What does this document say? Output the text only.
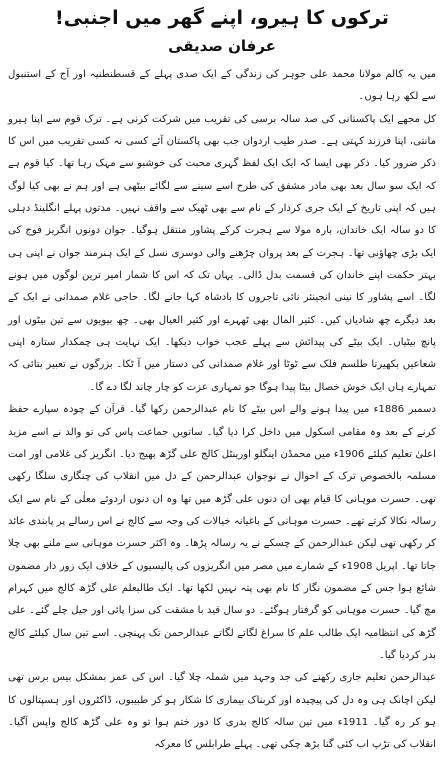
ترکوں کا ہیرو، اپنے گھر میں اجنبی!
عرفان صدیقی

میں یہ کالم مولانا محمد علی جوہر کی زندگی کے ایک صدی پہلے کے قسطنطنیہ اور آج کے استنبول سے لکھ رہا ہوں۔

کل مجھے ایک پاکستانی کی صد سالہ برسی کی تقریب میں شرکت کرنی ہے۔ ترک قوم سے اپنا ہیرو مانتی، اپنا فرزند کہتی ہے۔ صدر طیب اردوان جب بھی پاکستان آئے کسی نہ کسی تقریب میں اس کا ذکر ضرور کیا۔ ذکر بھی ایسا کہ ایک ایک لفظ گہری محبت کی خوشبو سے مہک رہا تھا۔ کیا قوم ہے کہ ایک سو سال بعد بھی مادر مشفق کی طرح اسے سینے سے لگائے بیٹھی ہے اور ہم نے بھی کیا لوگ ہیں کہ اپنی تاریخ کے ایک جری کردار کے نام سے بھی ٹھیک سے واقف نہیں۔ مدتوں پہلے انگلینڈ دہلی کا دو سالہ ایک خاندان، بارہ مولا سے ہجرت کرکے پشاور منتقل ہوگیا۔ جوان دونوں انگریز فوج کی ایک بڑی چھاؤنی تھا۔ ہجرت کے بعد پروان چڑھنے والی دوسری نسل کے ایک ہنرمند جوان نے اپنی ہی بہتر حکمت اپنے خاندان کی قسمت بدل ڈالی۔ یہاں تک کہ اس کا شمار امیر ترین لوگوں میں ہونے لگا۔ اسے پشاور کا نینی انجینئر نائی تاجروں کا بادشاہ کہا جانے لگا۔ حاجی غلام صمدانی نے ایک کے بعد دیگرے چھ شادیاں کیں۔ کثیر المال بھی ٹھہرے اور کثیر العیال بھی۔ چھ بیویوں سے تین بیٹوں اور پانچ بیٹیاں۔ ایک بیٹے کی پیدائش سے پہلے عجب خواب دیکھا۔ ایک نہایت ہی چمکدار ستارہ اپنی شعاعیں بکھیرتا طلسم فلک سے ٹوٹا اور غلام صمدانی کی دستار میں آ ٹکا۔ بزرگوں نے تعبیر بتائی کہ تمہارے ہاں ایک خوش خصال بیٹا پیدا ہوگا جو تمہاری عزت کو چار چاند لگا دے گا۔

دسمبر 1886ء میں پیدا ہونے والے اس بیٹے کا نام عبدالرحمن رکھا گیا۔ قرآن کے چودہ سپارے حفظ کرنے کے بعد وہ مقامی اسکول میں داخل کرا دیا گیا۔ ساتویں جماعت پاس کی تو والد نے اسے مزید اعلیٰ تعلیم کیلئے 1906ء میں محمڈن اینگلو اورینٹل کالج علی گڑھ بھیج دیا۔ انگریز کی غلامی اور امت مسلمہ بالخصوص ترک کے احوال نے نوجوان عبدالرحمن کے دل میں انقلاب کی چنگاری سلگا رکھی تھی۔ حسرت موہانی کا قیام بھی ان دنوں علی گڑھ میں تھا وہ ان دنوں اردوئے معلٰی کے نام سے ایک رسالہ نکالا کرتے تھے۔ حسرت موہانی کے باغیانہ خیالات کی وجہ سے کالج نے اس رسالے پر پابندی عائد کر رکھی تھی لیکن عبدالرحمن کے چسکے نے یہ رسالہ پڑھا۔ وہ اکثر حسرت موہانی سے ملنے بھی چلا جاتا تھا۔ اپریل 1908ء کے شمارے میں مصر میں انگریزوں کی پالیسیوں کے خلاف ایک زور دار مضمون شائع ہوا جس کے مضمون نگار کا نام بھی پتہ نہیں لکھا تھا۔ ایک طالبعلم علی گڑھ کالج میں کہرام مچ گیا۔ حسرت موہانی کو گرفتار ہوگئے۔ دو سال قید با مشقت کی سزا پائی اور جیل چلے گئے۔ علی گڑھ کی انتظامیہ ایک طالب علم کا سراغ لگاتے لگاتے عبدالرحمن تک پہنچی۔ اسے تین سال کیلئے کالج بدر کردیا گیا۔

عبدالرحمن تعلیم جاری رکھنے کی جد وجہد میں شملہ چلا گیا۔ اس کی عمر بمشکل بیس برس تھی لیکن اچانک ہی وہ دل کی پیچیدہ اور کربناک بیماری کا شکار ہو کر طبیبوں، ڈاکٹروں اور ہسپتالوں کا ہو کر رہ گیا۔ 1911ء میں تین سالہ کالج بدری کا دور ختم ہوا تو وہ علی گڑھ کالج واپس آگیا۔ انقلاب کی تڑپ اب کئی گنا بڑھ چکی تھی۔ پہلے طرابلس کا معرکہ
